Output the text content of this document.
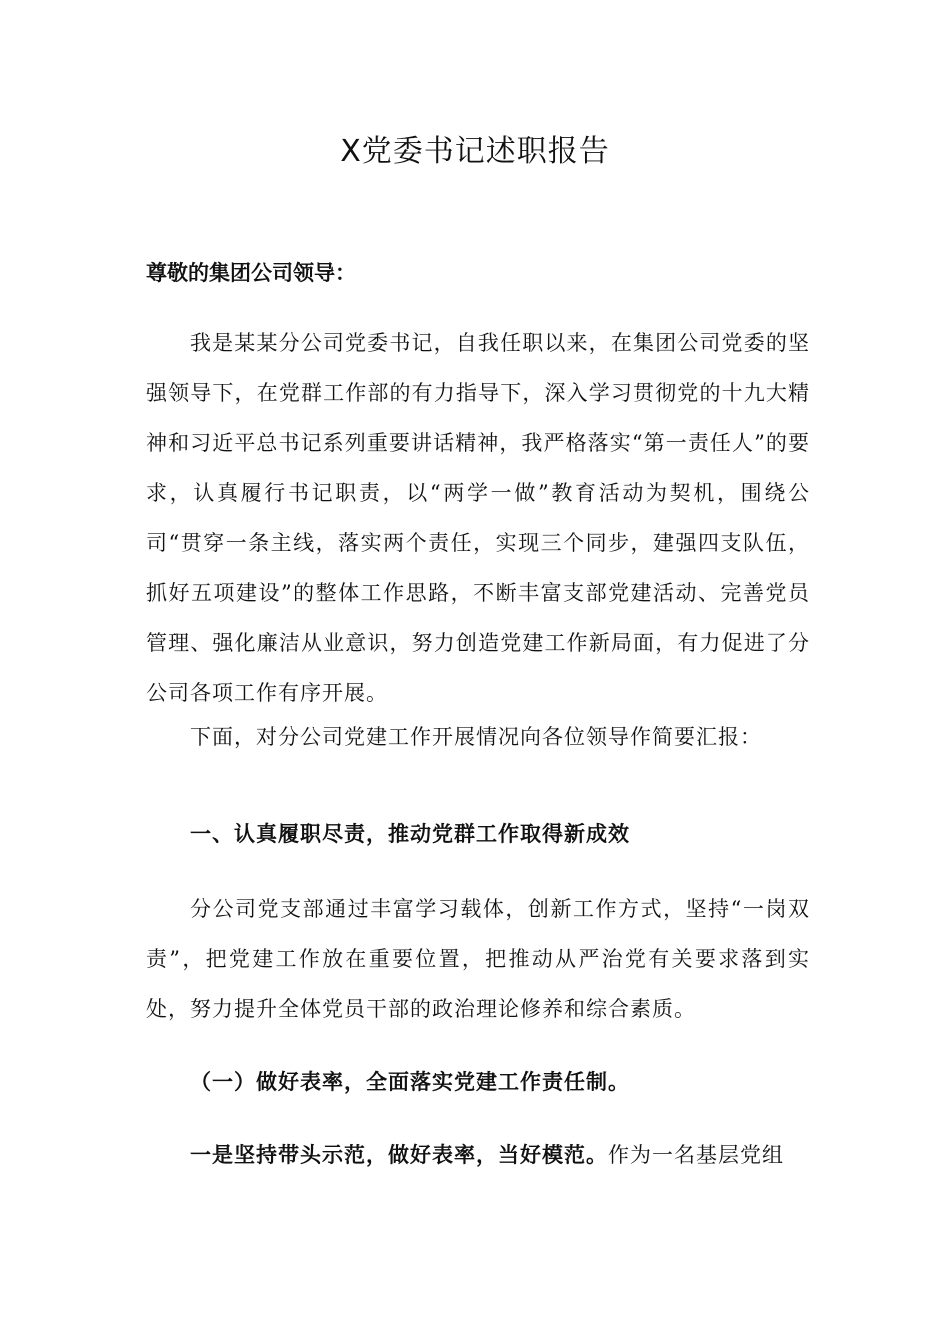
X党委书记述职报告

尊敬的集团公司领导：

我是某某分公司党委书记，自我任职以来，在集团公司党委的坚强领导下，在党群工作部的有力指导下，深入学习贯彻党的十九大精神和习近平总书记系列重要讲话精神，我严格落实“第一责任人”的要求，认真履行书记职责，以“两学一做”教育活动为契机，围绕公司“贯穿一条主线，落实两个责任，实现三个同步，建强四支队伍，抓好五项建设”的整体工作思路，不断丰富支部党建活动、完善党员管理、强化廉洁从业意识，努力创造党建工作新局面，有力促进了分公司各项工作有序开展。

下面，对分公司党建工作开展情况向各位领导作简要汇报：

一、认真履职尽责，推动党群工作取得新成效

分公司党支部通过丰富学习载体，创新工作方式，坚持“一岗双责”，把党建工作放在重要位置，把推动从严治党有关要求落到实处，努力提升全体党员干部的政治理论修养和综合素质。

（一）做好表率，全面落实党建工作责任制。

一是坚持带头示范，做好表率，当好模范。作为一名基层党组
